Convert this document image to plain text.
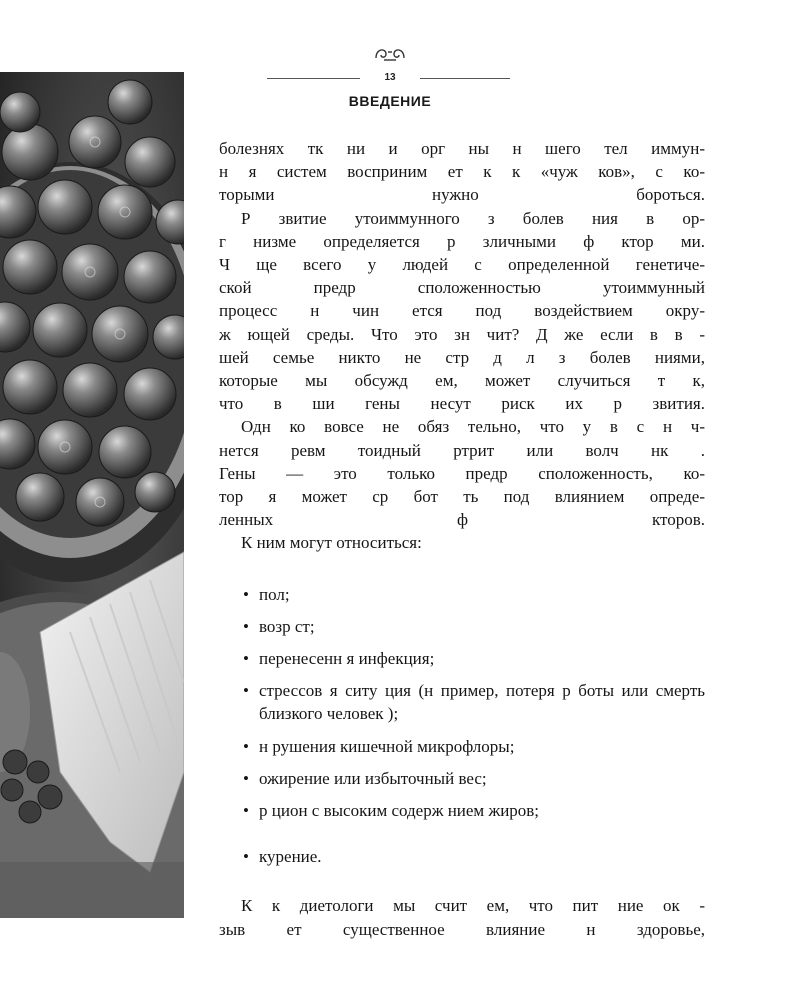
13
ВВЕДЕНИЕ

болезнях тк ни и орг ны н шего тел иммун-
н я систем восприним ет к к «чуж ков», с ко-
торыми нужно бороться.

Р звитие утоиммунного з болев ния в ор-
г низме определяется р зличными ф ктор ми.
Ч ще всего у людей с определенной генетиче-
ской предр сположенностью утоиммунный
процесс н чин ется под воздействием окру-
ж ющей среды. Что это зн чит? Д же если в в -
шей семье никто не стр д л з болев ниями,
которые мы обсужд ем, может случиться т к,
что в ши гены несут риск их р звития.

Одн ко вовсе не обяз тельно, что у в с н ч-
нется ревм тоидный ртрит или волч нк .
Гены — это только предр сположенность, ко-
тор я может ср бот ть под влиянием опреде-
ленных ф кторов.

К ним могут относиться:

• пол;
• возр ст;
• перенесенн я инфекция;
• стрессов я ситу ция (н пример, потеря р боты или смерть близкого человек );
• н рушения кишечной микрофлоры;
• ожирение или избыточный вес;
• р цион с высоким содерж нием жиров;
• курение.

К к диетологи мы счит ем, что пит ние ок -
зыв ет существенное влияние н здоровье,
